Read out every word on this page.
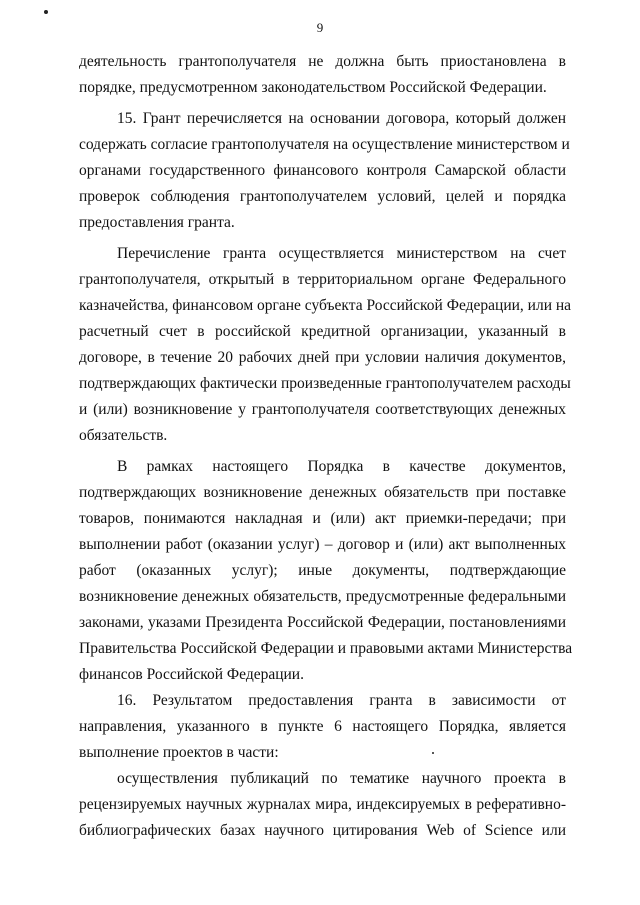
9
деятельность грантополучателя не должна быть приостановлена в
порядке, предусмотренном законодательством Российской Федерации.
15. Грант перечисляется на основании договора, который должен
содержать согласие грантополучателя на осуществление министерством и
органами государственного финансового контроля Самарской области
проверок соблюдения грантополучателем условий, целей и порядка
предоставления гранта.
Перечисление гранта осуществляется министерством на счет
грантополучателя, открытый в территориальном органе Федерального
казначейства, финансовом органе субъекта Российской Федерации, или на
расчетный счет в российской кредитной организации, указанный в
договоре, в течение 20 рабочих дней при условии наличия документов,
подтверждающих фактически произведенные грантополучателем расходы
и (или) возникновение у грантополучателя соответствующих денежных
обязательств.
В рамках настоящего Порядка в качестве документов,
подтверждающих возникновение денежных обязательств при поставке
товаров, понимаются накладная и (или) акт приемки-передачи; при
выполнении работ (оказании услуг) – договор и (или) акт выполненных
работ (оказанных услуг); иные документы, подтверждающие
возникновение денежных обязательств, предусмотренные федеральными
законами, указами Президента Российской Федерации, постановлениями
Правительства Российской Федерации и правовыми актами Министерства
финансов Российской Федерации.
16. Результатом предоставления гранта в зависимости от
направления, указанного в пункте 6 настоящего Порядка, является
выполнение проектов в части:
осуществления публикаций по тематике научного проекта в
рецензируемых научных журналах мира, индексируемых в реферативно-
библиографических базах научного цитирования Web of Science или
